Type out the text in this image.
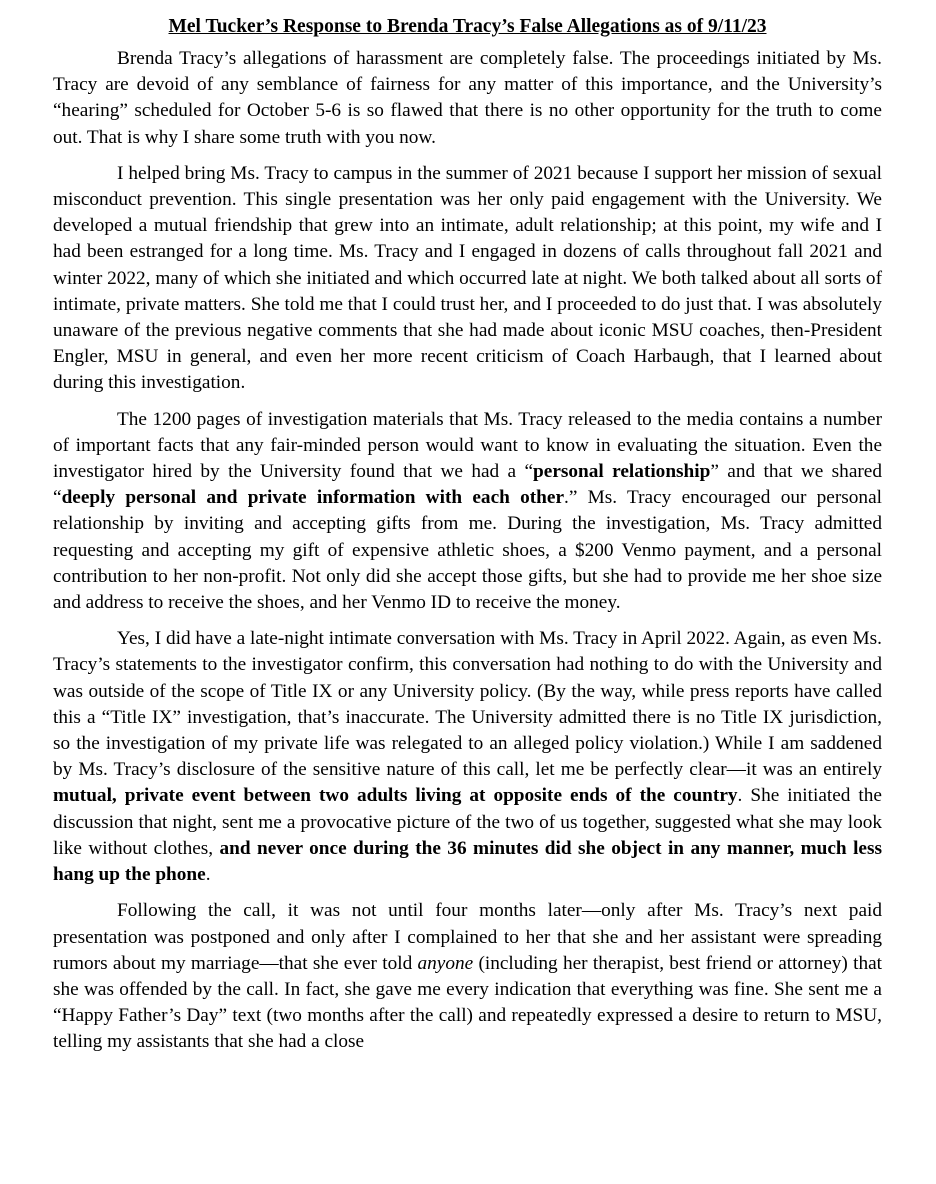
Mel Tucker’s Response to Brenda Tracy’s False Allegations as of 9/11/23

Brenda Tracy’s allegations of harassment are completely false. The proceedings initiated by Ms. Tracy are devoid of any semblance of fairness for any matter of this importance, and the University’s “hearing” scheduled for October 5-6 is so flawed that there is no other opportunity for the truth to come out. That is why I share some truth with you now.

I helped bring Ms. Tracy to campus in the summer of 2021 because I support her mission of sexual misconduct prevention. This single presentation was her only paid engagement with the University. We developed a mutual friendship that grew into an intimate, adult relationship; at this point, my wife and I had been estranged for a long time. Ms. Tracy and I engaged in dozens of calls throughout fall 2021 and winter 2022, many of which she initiated and which occurred late at night. We both talked about all sorts of intimate, private matters. She told me that I could trust her, and I proceeded to do just that. I was absolutely unaware of the previous negative comments that she had made about iconic MSU coaches, then-President Engler, MSU in general, and even her more recent criticism of Coach Harbaugh, that I learned about during this investigation.

The 1200 pages of investigation materials that Ms. Tracy released to the media contains a number of important facts that any fair-minded person would want to know in evaluating the situation. Even the investigator hired by the University found that we had a “personal relationship” and that we shared “deeply personal and private information with each other.” Ms. Tracy encouraged our personal relationship by inviting and accepting gifts from me. During the investigation, Ms. Tracy admitted requesting and accepting my gift of expensive athletic shoes, a $200 Venmo payment, and a personal contribution to her non-profit. Not only did she accept those gifts, but she had to provide me her shoe size and address to receive the shoes, and her Venmo ID to receive the money.

Yes, I did have a late-night intimate conversation with Ms. Tracy in April 2022. Again, as even Ms. Tracy’s statements to the investigator confirm, this conversation had nothing to do with the University and was outside of the scope of Title IX or any University policy. (By the way, while press reports have called this a “Title IX” investigation, that’s inaccurate. The University admitted there is no Title IX jurisdiction, so the investigation of my private life was relegated to an alleged policy violation.) While I am saddened by Ms. Tracy’s disclosure of the sensitive nature of this call, let me be perfectly clear—it was an entirely mutual, private event between two adults living at opposite ends of the country. She initiated the discussion that night, sent me a provocative picture of the two of us together, suggested what she may look like without clothes, and never once during the 36 minutes did she object in any manner, much less hang up the phone.

Following the call, it was not until four months later—only after Ms. Tracy’s next paid presentation was postponed and only after I complained to her that she and her assistant were spreading rumors about my marriage—that she ever told anyone (including her therapist, best friend or attorney) that she was offended by the call. In fact, she gave me every indication that everything was fine. She sent me a “Happy Father’s Day” text (two months after the call) and repeatedly expressed a desire to return to MSU, telling my assistants that she had a close
